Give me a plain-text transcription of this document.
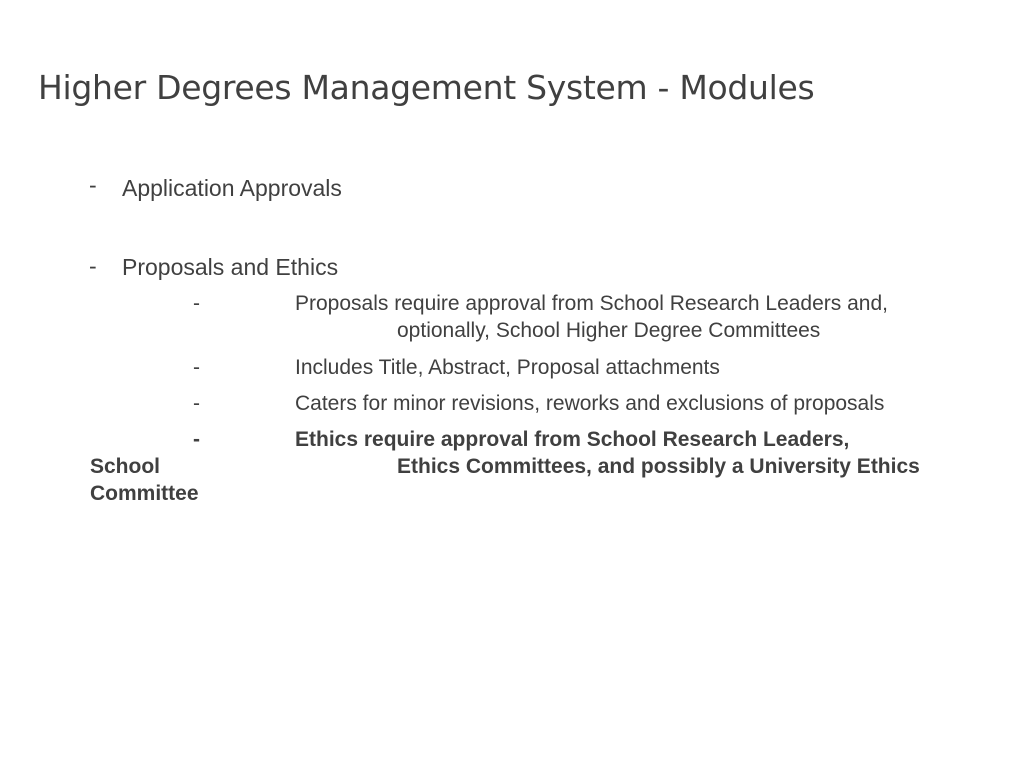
Higher Degrees Management System - Modules
- Application Approvals
- Proposals and Ethics
-	Proposals require approval from School Research Leaders and,
optionally, School Higher Degree Committees
-	Includes Title, Abstract, Proposal attachments
-	Caters for minor revisions, reworks and exclusions of proposals
-	Ethics require approval from School Research Leaders,
School	Ethics Committees, and possibly a University Ethics
Committee
